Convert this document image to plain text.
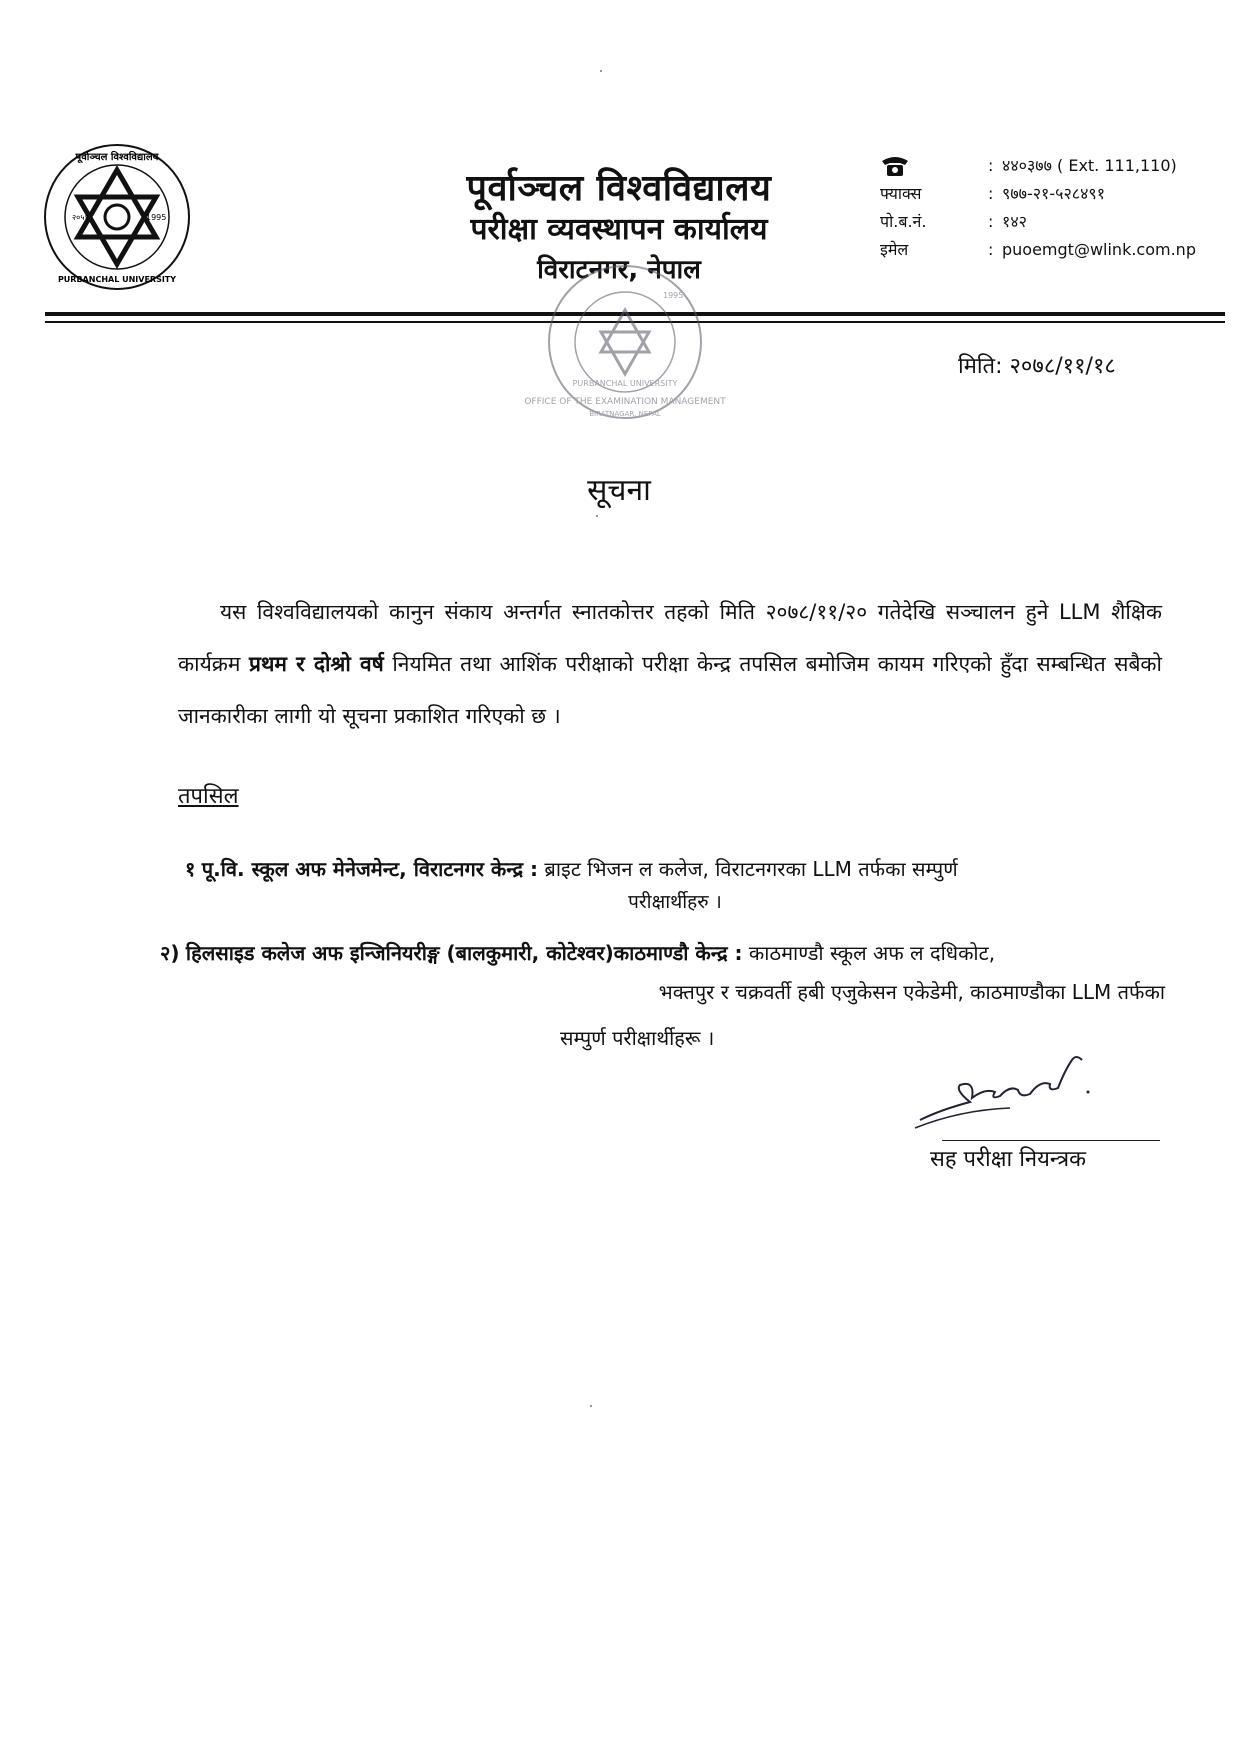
२०५१	1995
पूर्वाञ्चल विश्वविद्यालय
PURBANCHAL UNIVERSITY
पूर्वाञ्चल विश्वविद्यालय
परीक्षा व्यवस्थापन कार्यालय
विराटनगर, नेपाल
: ४४०३७७ ( Ext. 111,110)
फ्याक्स	: ९७७-२१-५२८४९१
पो.ब.नं.	: १४२
इमेल	: puoemgt@wlink.com.np
OFFICE OF THE EXAMINATION MANAGEMENT
PURBANCHAL UNIVERSITY
BIRATNAGAR, NEPAL
1995
मिति: २०७८/११/१८
सूचना
यस विश्वविद्यालयको कानुन संकाय अन्तर्गत स्नातकोत्तर तहको मिति २०७८/११/२० गतेदेखि सञ्चालन हुने LLM शैक्षिक कार्यक्रम प्रथम र दोश्रो वर्ष नियमित तथा आशिंक परीक्षाको परीक्षा केन्द्र तपसिल बमोजिम कायम गरिएको हुँदा सम्बन्धित सबैको जानकारीका लागी यो सूचना प्रकाशित गरिएको छ ।
तपसिल
१ पू.वि. स्कूल अफ मेनेजमेन्ट, विराटनगर केन्द्र : ब्राइट भिजन ल कलेज, विराटनगरका LLM तर्फका सम्पुर्ण
परीक्षार्थीहरु ।
२) हिलसाइड कलेज अफ इन्जिनियरीङ्ग (बालकुमारी, कोटेश्वर)काठमाण्डौ केन्द्र : काठमाण्डौ स्कूल अफ ल दधिकोट,
भक्तपुर र चक्रवर्ती हबी एजुकेसन एकेडेमी, काठमाण्डौका LLM तर्फका
सम्पुर्ण परीक्षार्थीहरू ।
सह परीक्षा नियन्त्रक
